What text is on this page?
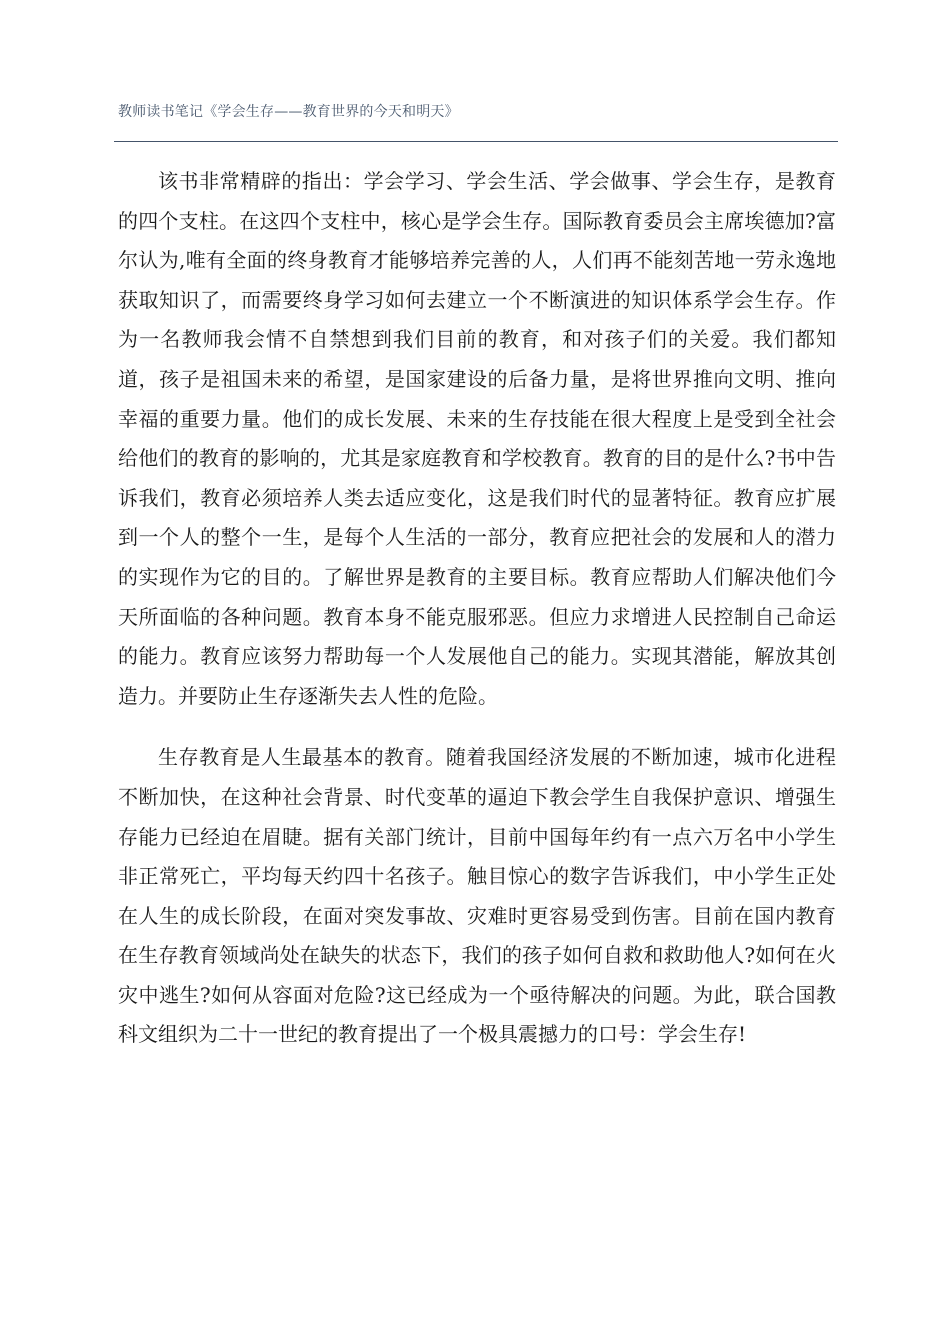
教师读书笔记《学会生存——教育世界的今天和明天》

该书非常精辟的指出：学会学习、学会生活、学会做事、学会生存，是教育的四个支柱。在这四个支柱中，核心是学会生存。国际教育委员会主席埃德加?富尔认为,唯有全面的终身教育才能够培养完善的人，人们再不能刻苦地一劳永逸地获取知识了，而需要终身学习如何去建立一个不断演进的知识体系学会生存。作为一名教师我会情不自禁想到我们目前的教育，和对孩子们的关爱。我们都知道，孩子是祖国未来的希望，是国家建设的后备力量，是将世界推向文明、推向幸福的重要力量。他们的成长发展、未来的生存技能在很大程度上是受到全社会给他们的教育的影响的，尤其是家庭教育和学校教育。教育的目的是什么?书中告诉我们，教育必须培养人类去适应变化，这是我们时代的显著特征。教育应扩展到一个人的整个一生，是每个人生活的一部分，教育应把社会的发展和人的潜力的实现作为它的目的。了解世界是教育的主要目标。教育应帮助人们解决他们今天所面临的各种问题。教育本身不能克服邪恶。但应力求增进人民控制自己命运的能力。教育应该努力帮助每一个人发展他自己的能力。实现其潜能，解放其创造力。并要防止生存逐渐失去人性的危险。

生存教育是人生最基本的教育。随着我国经济发展的不断加速，城市化进程不断加快，在这种社会背景、时代变革的逼迫下教会学生自我保护意识、增强生存能力已经迫在眉睫。据有关部门统计，目前中国每年约有一点六万名中小学生非正常死亡，平均每天约四十名孩子。触目惊心的数字告诉我们，中小学生正处在人生的成长阶段，在面对突发事故、灾难时更容易受到伤害。目前在国内教育在生存教育领域尚处在缺失的状态下，我们的孩子如何自救和救助他人?如何在火灾中逃生?如何从容面对危险?这已经成为一个亟待解决的问题。为此，联合国教科文组织为二十一世纪的教育提出了一个极具震撼力的口号：学会生存!
